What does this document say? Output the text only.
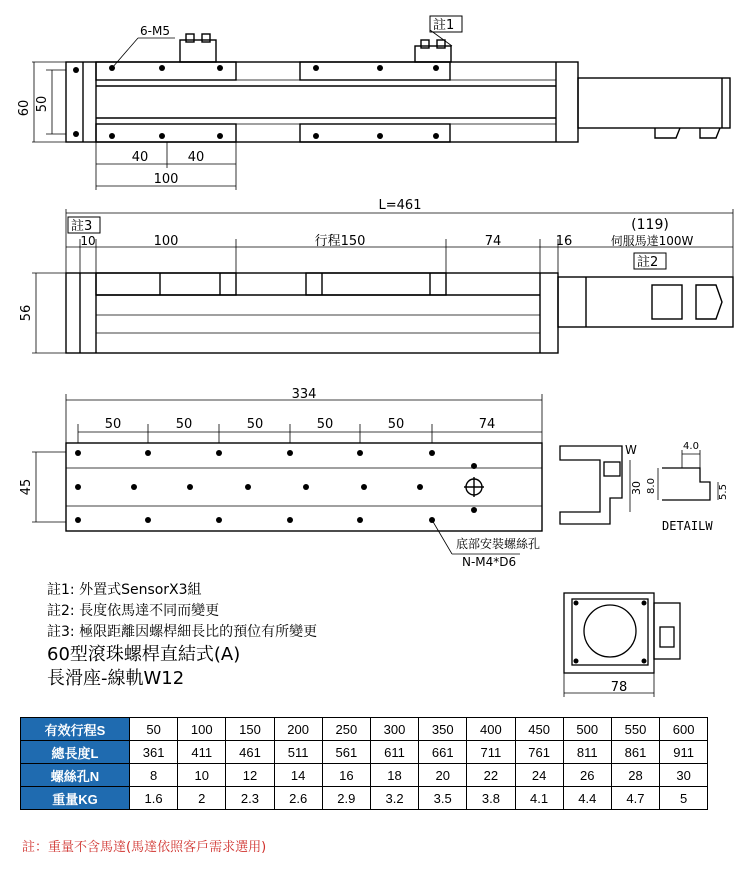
6-M5	註1
60 50
40	40
100
L=461
註3
10	100	行程150	74	16
(119)
伺服馬達100W
註2
56
334
50	50	50	50	50	74
45
底部安裝螺絲孔
N-M4*D6
W
30
4.0
8.0	5.5
DETAILW
78
註1: 外置式SensorX3組
註2: 長度依馬達不同而變更
註3: 極限距離因螺桿細長比的預位有所變更
60型滾珠螺桿直結式(A)
長滑座-線軌W12
有效行程S	50	100	150	200	250	300	350	400	450	500	550	600
總長度L	361	411	461	511	561	611	661	711	761	811	861	911
螺絲孔N	8	10	12	14	16	18	20	22	24	26	28	30
重量KG	1.6	2	2.3	2.6	2.9	3.2	3.5	3.8	4.1	4.4	4.7	5
註：重量不含馬達(馬達依照客戶需求選用)
